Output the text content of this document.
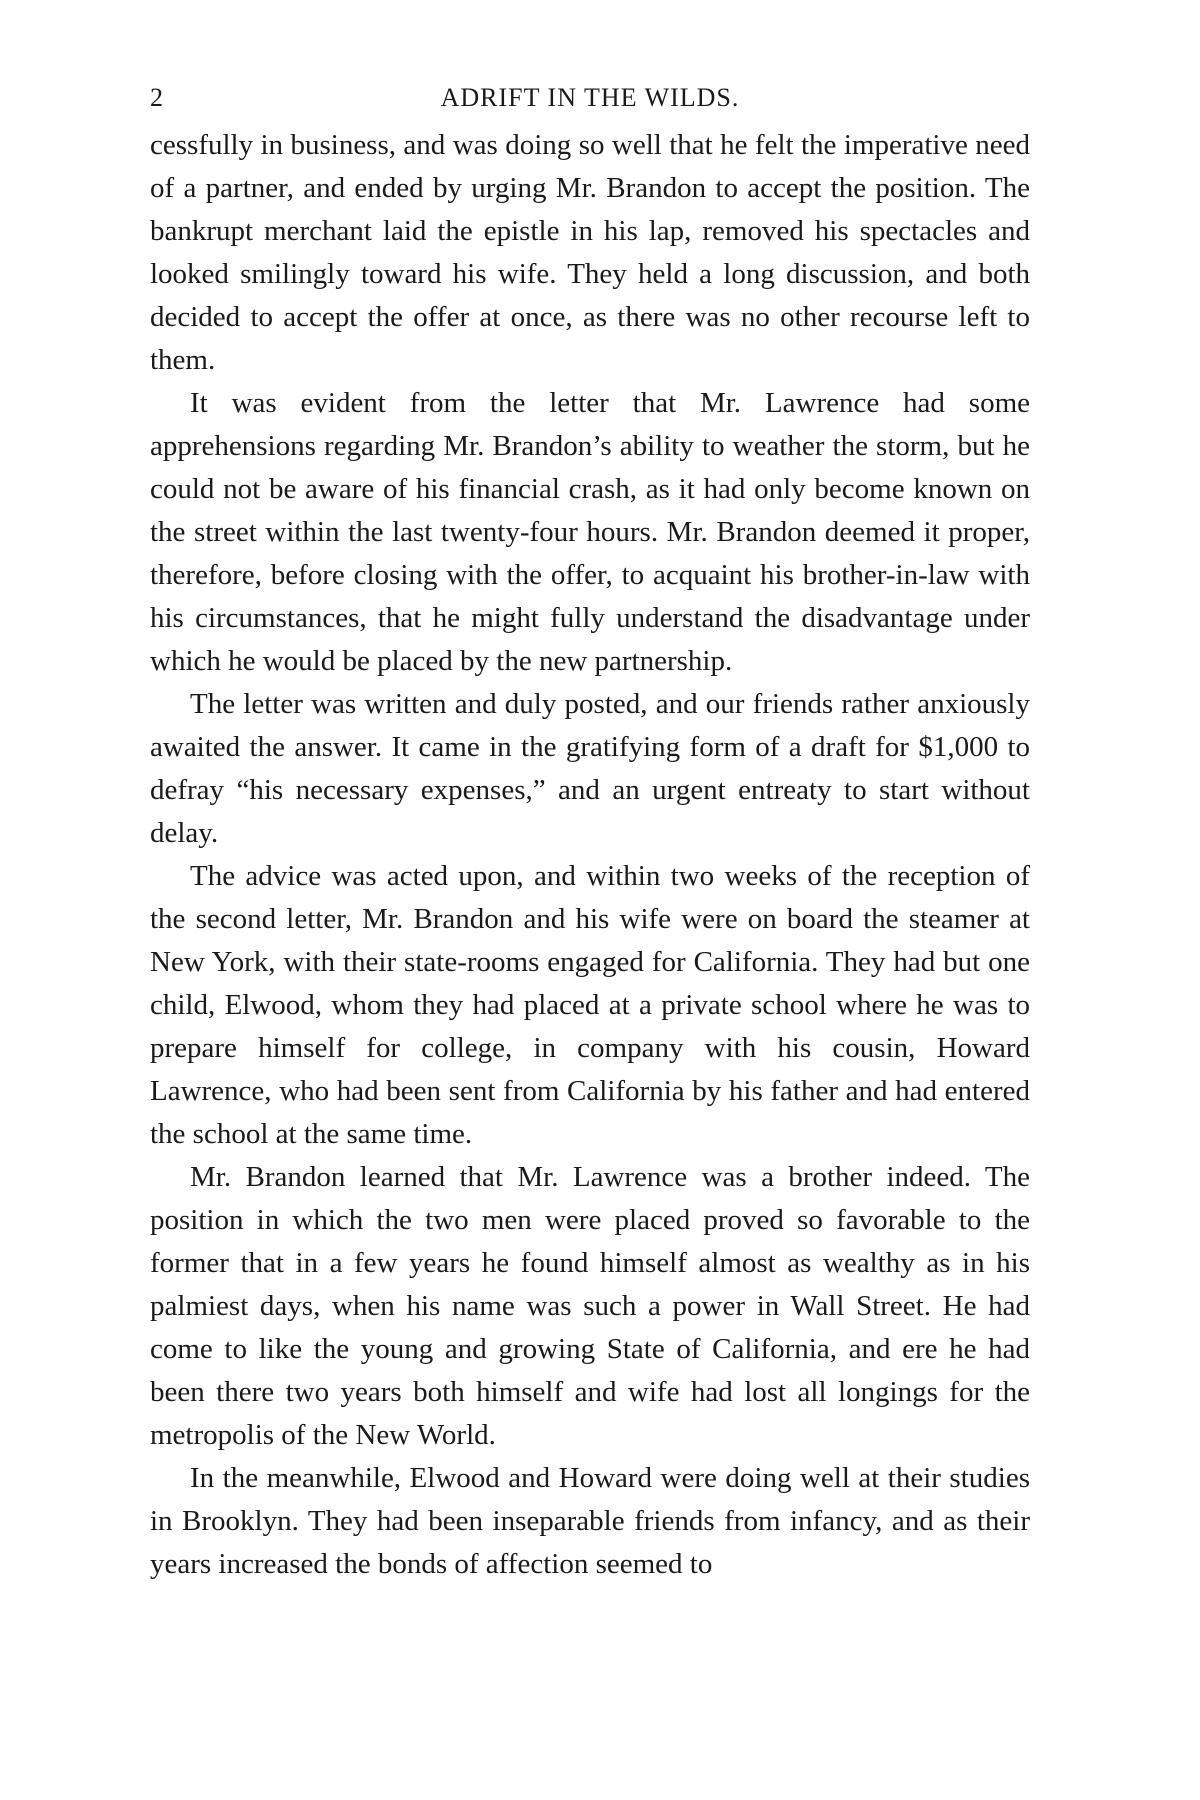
2	ADRIFT IN THE WILDS.

cessfully in business, and was doing so well that he felt the imperative need of a partner, and ended by urging Mr. Brandon to accept the position. The bankrupt merchant laid the epistle in his lap, removed his spectacles and looked smilingly toward his wife. They held a long discussion, and both decided to accept the offer at once, as there was no other recourse left to them.

It was evident from the letter that Mr. Lawrence had some apprehensions regarding Mr. Brandon’s ability to weather the storm, but he could not be aware of his financial crash, as it had only become known on the street within the last twenty-four hours. Mr. Brandon deemed it proper, therefore, before closing with the offer, to acquaint his brother-in-law with his circumstances, that he might fully understand the disadvantage under which he would be placed by the new partnership.

The letter was written and duly posted, and our friends rather anxiously awaited the answer. It came in the gratifying form of a draft for $1,000 to defray “his necessary expenses,” and an urgent entreaty to start without delay.

The advice was acted upon, and within two weeks of the reception of the second letter, Mr. Brandon and his wife were on board the steamer at New York, with their state-rooms engaged for California. They had but one child, Elwood, whom they had placed at a private school where he was to prepare himself for college, in company with his cousin, Howard Lawrence, who had been sent from California by his father and had entered the school at the same time.

Mr. Brandon learned that Mr. Lawrence was a brother indeed. The position in which the two men were placed proved so favorable to the former that in a few years he found himself almost as wealthy as in his palmiest days, when his name was such a power in Wall Street. He had come to like the young and growing State of California, and ere he had been there two years both himself and wife had lost all longings for the metropolis of the New World.

In the meanwhile, Elwood and Howard were doing well at their studies in Brooklyn. They had been inseparable friends from infancy, and as their years increased the bonds of affection seemed to
